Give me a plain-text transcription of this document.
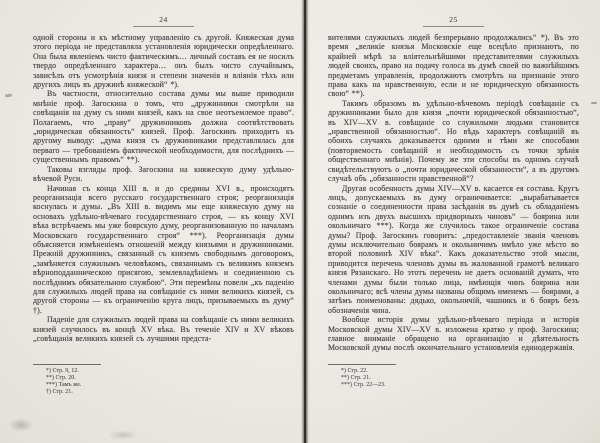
24

одной стороны и къ мѣстному управленію съ другой. Княжеская дума этого періода не представляла установленія юридически опредѣленнаго. Она была явленіемъ чисто фактическимъ… личный составъ ея не носилъ твердо опредѣленнаго характера… онъ былъ чисто случайнымъ, зависѣлъ отъ усмотрѣнія князя и степени значенія и вліянія тѣхъ или другихъ лицъ въ дружинѣ княжеской“ *).

Въ частности, относительно состава думы мы выше приводили мнѣніе проф. Загоскина о томъ, что „дружинники смотрѣли на совѣщанія на думу съ ними князей, какъ на свое неотъемлемое право“. Полагаемъ, что „праву“ дружинниковъ должна соотвѣтствовать „юридическая обязанность“ князей. Проф. Загоскинъ приходитъ къ другому выводу: „дума князя съ дружинниками представлялась для перваго — требованіемъ фактической необходимости, для послѣднихъ — существеннымъ правомъ“ **).

Таковы взгляды проф. Загоскина на княжескую думу удѣльно-вѣчевой Руси.

Начиная съ конца XIII в. и до средины XVI в., происходятъ реорганизація всего русскаго государственнаго строя; реорганизація коснулась и думы. „Въ XIII в. видимъ мы еще княжескую думу на основахъ удѣльно-вѣчеваго государственнаго строя, — къ концу XVI вѣка встрѣчаемъ мы уже боярскую думу, реорганизованную по началамъ Московскаго государственнаго строя“ ***). Реорганизація думы объясняется измѣненіемъ отношеній между князьями и дружинниками. Прежній дружинникъ, связанный съ княземъ свободнымъ договоромъ, „замѣняется служилымъ человѣкомъ, связаннымъ съ великимъ княземъ вѣрноподданническою присягою, землевладѣніемъ и соединенною съ послѣднимъ обязательною службою“. Эти перемѣны повели „къ паденію для служилыхъ людей права на совѣщаніе съ ними великихъ князей, съ другой стороны — къ ограниченію круга лицъ, призываемыхъ въ думу“ †).

Паденіе для служилыхъ людей права на совѣщаніе съ ними великихъ князей случилось въ концѣ XV вѣка. Въ теченіе XIV и XV вѣковъ „совѣщанія великихъ князей съ лучшими предста-

*) Стр. 9, 12.
**) Стр. 20.
***) Тамъ же.
†) Стр. 21.
25

вителями служилыхъ людей безпрерывно продолжались“ *). Въ это время „великіе князья Московскіе еще всецѣло признаютъ, по крайней мѣрѣ за вліятельнѣйшими представителями служилыхъ людей своихъ, право на подачу голоса въ думѣ своей по важнѣйшимъ предметамъ управленія, продолжаютъ смотрѣть на признаніе этого права какъ на нравственную, если и не юридическую обязанность свою“ **).

Такимъ образомъ въ удѣльно-вѣчевомъ періодѣ совѣщаніе съ дружинниками было для князя „почти юридической обязанностью“, въ XIV—XV в. совѣщаніе со служилыми людьми становится „нравственной обязанностью“. Но вѣдь характеръ совѣщаній въ обоихъ случаяхъ доказывается одними и тѣми же способами (повторяемость совѣщаній и необходимость съ точки зрѣнія общественнаго мнѣнія). Почему же эти способы въ одномъ случаѣ свидѣтельствуютъ о „почти юридической обязанности“, а въ другомъ случаѣ объ „обязанности нравственной“?

Другая особенность думы XIV—XV в. касается ея состава. Кругъ лицъ, допускаемыхъ въ думу ограничивается: „вырабатывается сознаніе о соединенности права засѣданія въ думѣ съ обладаніемъ однимъ изъ двухъ высшихъ придворныхъ чиновъ“ — боярина или окольничаго ***). Когда же случилось такое ограниченіе состава думы? Проф. Загоскинъ говоритъ: „предоставленіе званія членовъ думы исключительно боярамъ и окольничимъ имѣло уже мѣсто во второй половинѣ XIV вѣка“. Какъ доказательство этой мысли, приводится перечень членовъ думы въ жалованной грамотѣ великаго князя Рязанскаго. Но этотъ перечень не даетъ основаній думать, что членами думы были только лица, имѣющія чинъ боярина или окольничаго; всѣ члены думы названы общимъ именемъ — боярами, а затѣмъ поименованы: дядько, окольничій, чашникъ и 6 бояръ безъ обозначенія чина.

Вообще исторія думы удѣльно-вѣчеваго періода и исторія Московской думы XIV—XV в. изложена кратко у проф. Загоскина; главное вниманіе обращено на организацію и дѣятельность Московской думы послѣ окончательнаго установленія единодержавія.

*) Стр. 22.
**) Стр. 21.
***) Стр. 22—23.
